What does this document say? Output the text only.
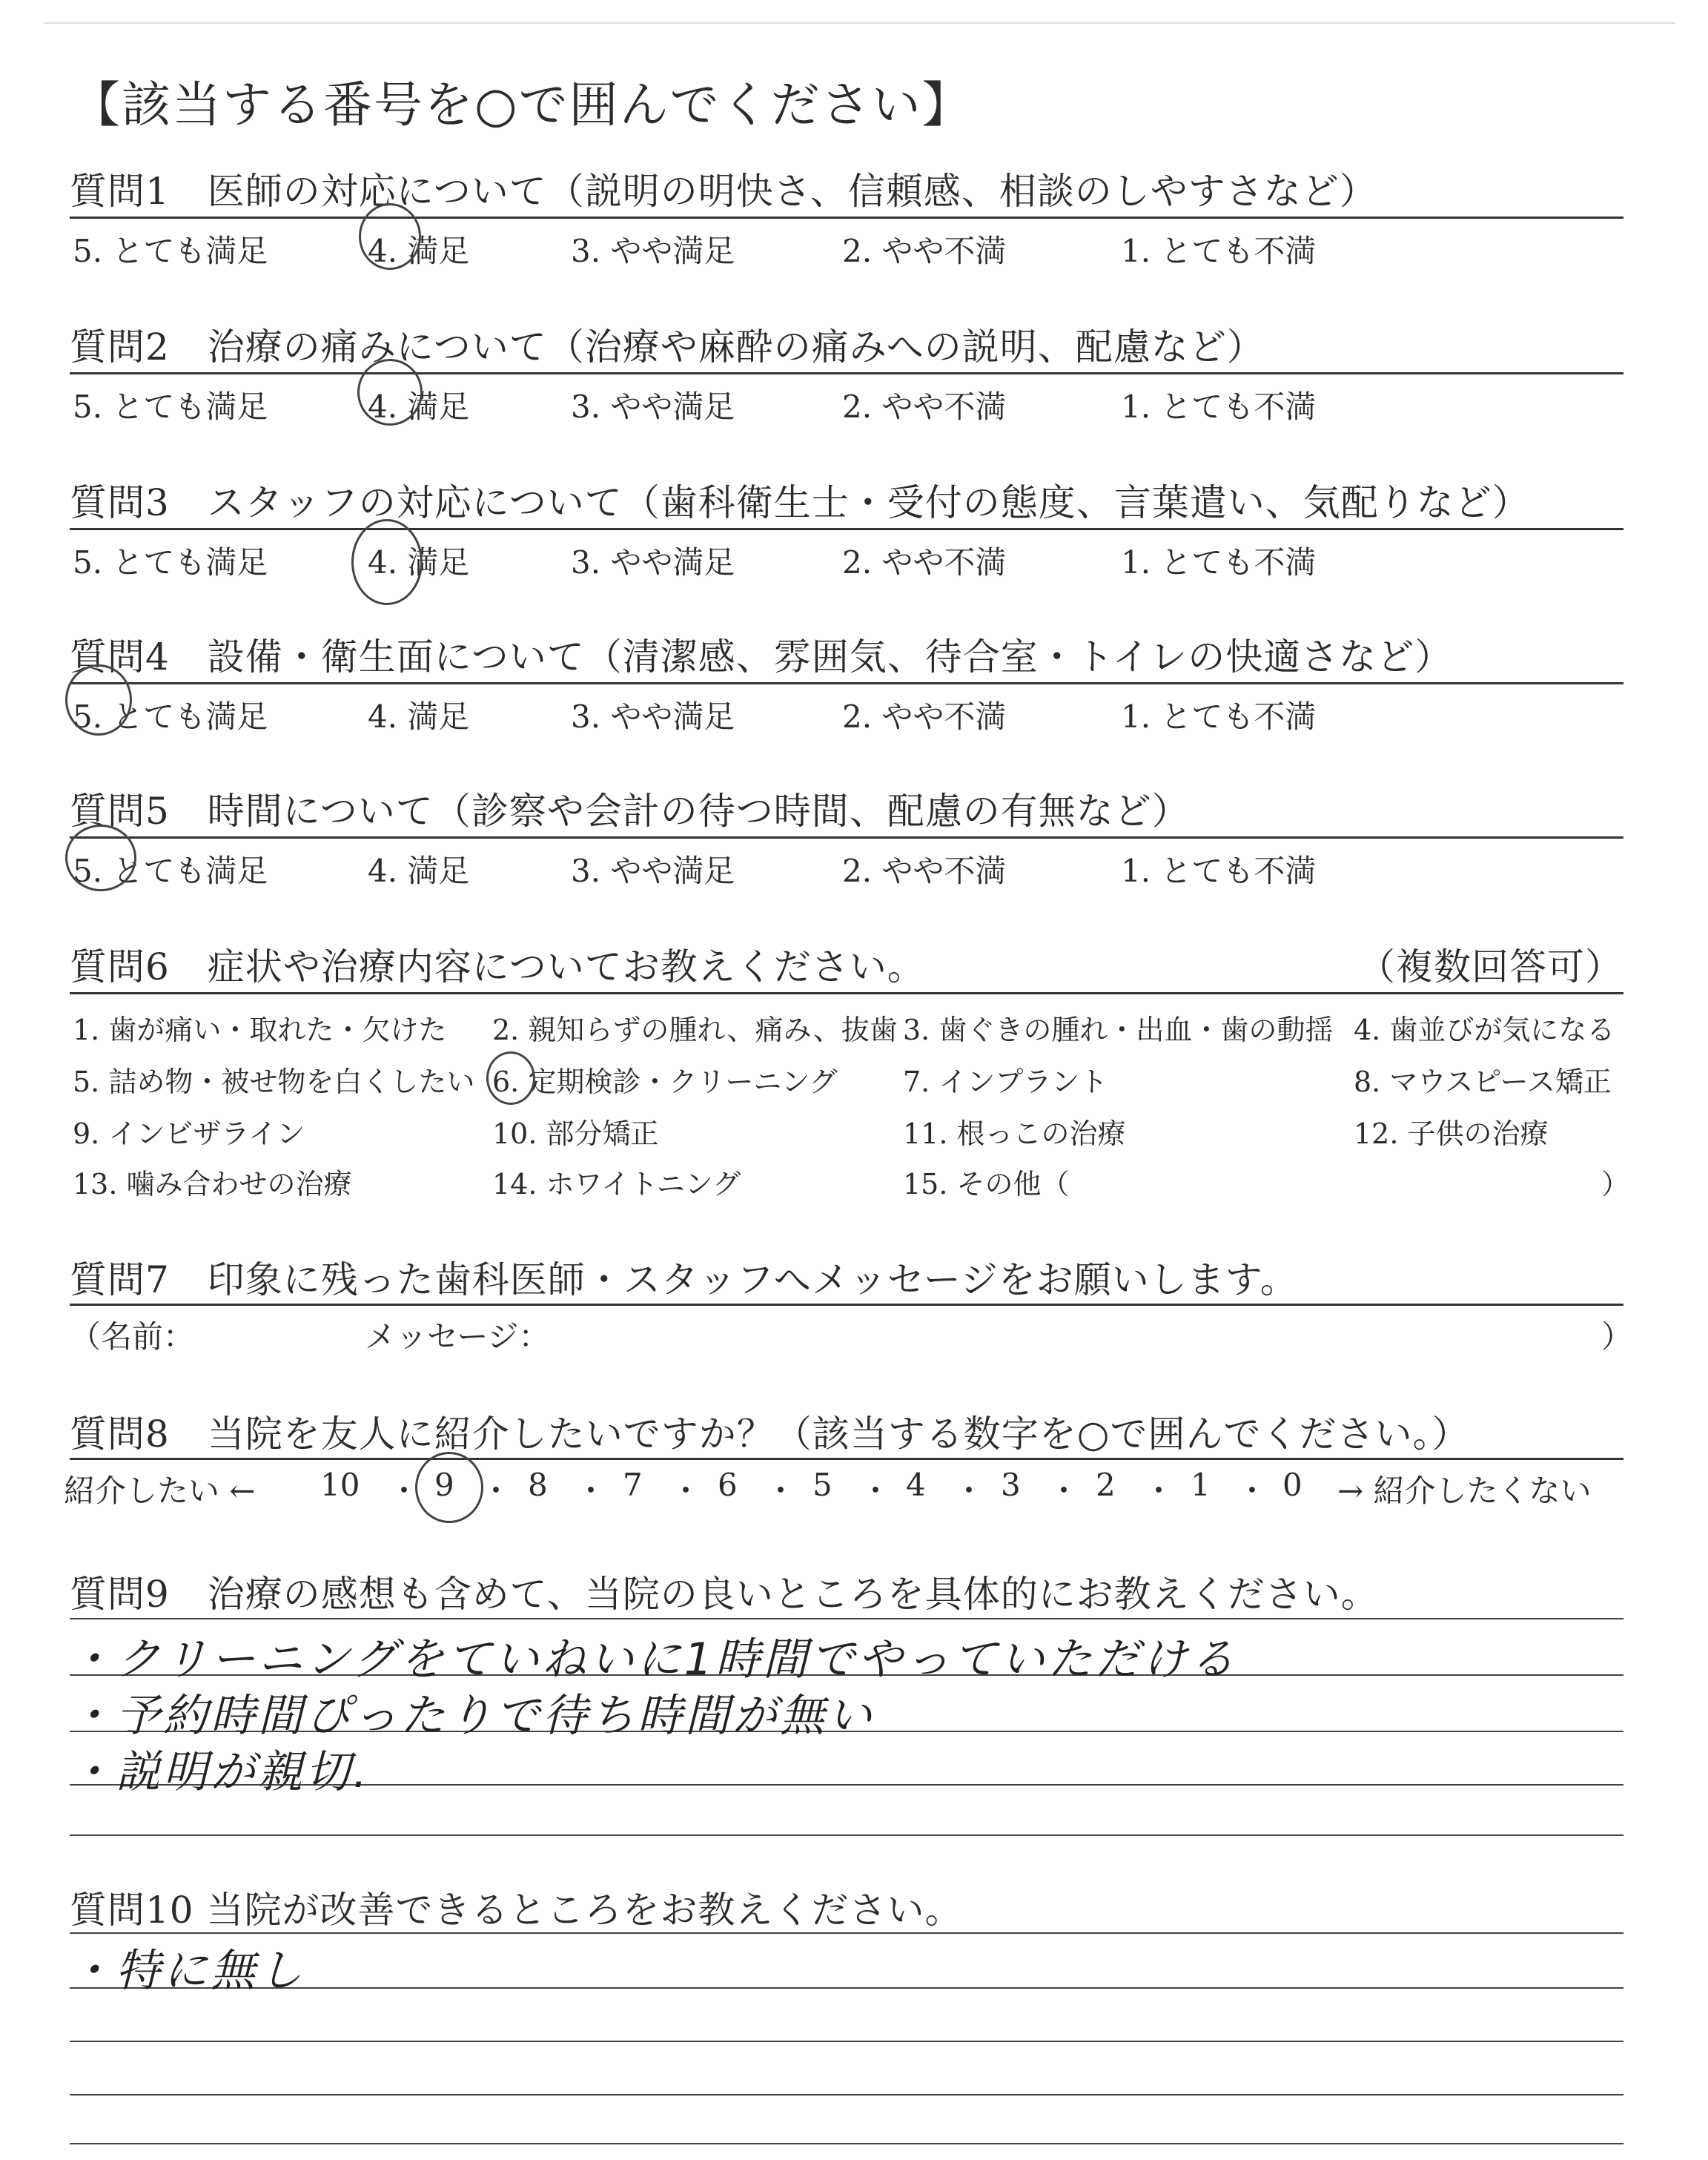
【該当する番号を○で囲んでください】
質問1　医師の対応について（説明の明快さ、信頼感、相談のしやすさなど）
5. とても満足	4. 満足	3. やや満足	2. やや不満	1. とても不満
質問2　治療の痛みについて（治療や麻酔の痛みへの説明、配慮など）
5. とても満足	4. 満足	3. やや満足	2. やや不満	1. とても不満
質問3　スタッフの対応について（歯科衛生士・受付の態度、言葉遣い、気配りなど）
5. とても満足	4. 満足	3. やや満足	2. やや不満	1. とても不満
質問4　設備・衛生面について（清潔感、雰囲気、待合室・トイレの快適さなど）
5. とても満足	4. 満足	3. やや満足	2. やや不満	1. とても不満
質問5　時間について（診察や会計の待つ時間、配慮の有無など）
5. とても満足	4. 満足	3. やや満足	2. やや不満	1. とても不満
質問6　症状や治療内容についてお教えください。	（複数回答可）
1. 歯が痛い・取れた・欠けた 2. 親知らずの腫れ、痛み、抜歯 3. 歯ぐきの腫れ・出血・歯の動揺 4. 歯並びが気になる
5. 詰め物・被せ物を白くしたい 6. 定期検診・クリーニング 7. インプラント	8. マウスピース矯正
9. インビザライン	10. 部分矯正	11. 根っこの治療	12. 子供の治療
13. 噛み合わせの治療	14. ホワイトニング	15. その他（	）
質問7　印象に残った歯科医師・スタッフへメッセージをお願いします。
（名前：	メッセージ：	）
質問8　当院を友人に紹介したいですか？（該当する数字を○で囲んでください。）
紹介したい ← 10 ・ 9 ・ 8 ・ 7 ・ 6 ・ 5 ・ 4 ・ 3 ・ 2 ・ 1 ・ 0 → 紹介したくない
質問9　治療の感想も含めて、当院の良いところを具体的にお教えください。
・クリーニングをていねいに1時間でやっていただける
・予約時間ぴったりで待ち時間が無い
・説明が親切.
質問10 当院が改善できるところをお教えください。
・特に無し
